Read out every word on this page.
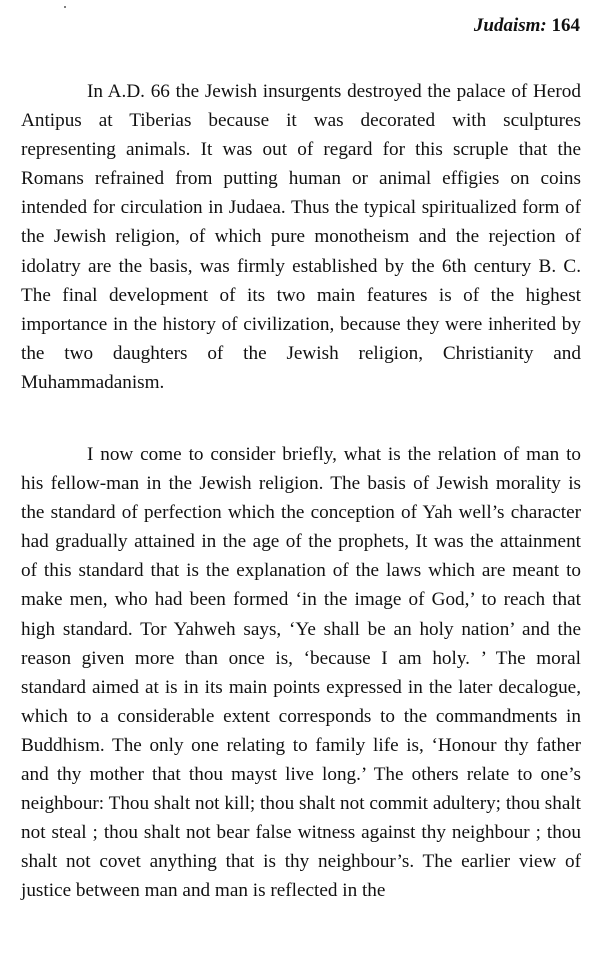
Judaism: 164

In A.D. 66 the Jewish insurgents destroyed the palace of Herod Antipus at Tiberias because it was decorated with sculptures representing animals. It was out of regard for this scruple that the Romans refrained from putting human or animal effigies on coins intended for circulation in Judaea. Thus the typical spiritualized form of the Jewish religion, of which pure monotheism and the rejection of idolatry are the basis, was firmly established by the 6th century B. C. The final development of its two main features is of the highest importance in the history of civilization, because they were inherited by the two daughters of the Jewish religion, Christianity and Muhammadanism.

I now come to consider briefly, what is the relation of man to his fellow-man in the Jewish religion. The basis of Jewish morality is the standard of perfection which the conception of Yah well’s character had gradually attained in the age of the prophets, It was the attainment of this standard that is the explanation of the laws which are meant to make men, who had been formed ‘in the image of God,’ to reach that high standard. Tor Yahweh says, ‘Ye shall be an holy nation’ and the reason given more than once is, ‘because I am holy. ’ The moral standard aimed at is in its main points expressed in the later decalogue, which to a considerable extent corresponds to the commandments in Buddhism. The only one relating to family life is, ‘Honour thy father and thy mother that thou mayst live long.’ The others relate to one’s neighbour: Thou shalt not kill; thou shalt not commit adultery; thou shalt not steal ; thou shalt not bear false witness against thy neighbour ; thou shalt not covet anything that is thy neighbour’s. The earlier view of justice between man and man is reflected in the
